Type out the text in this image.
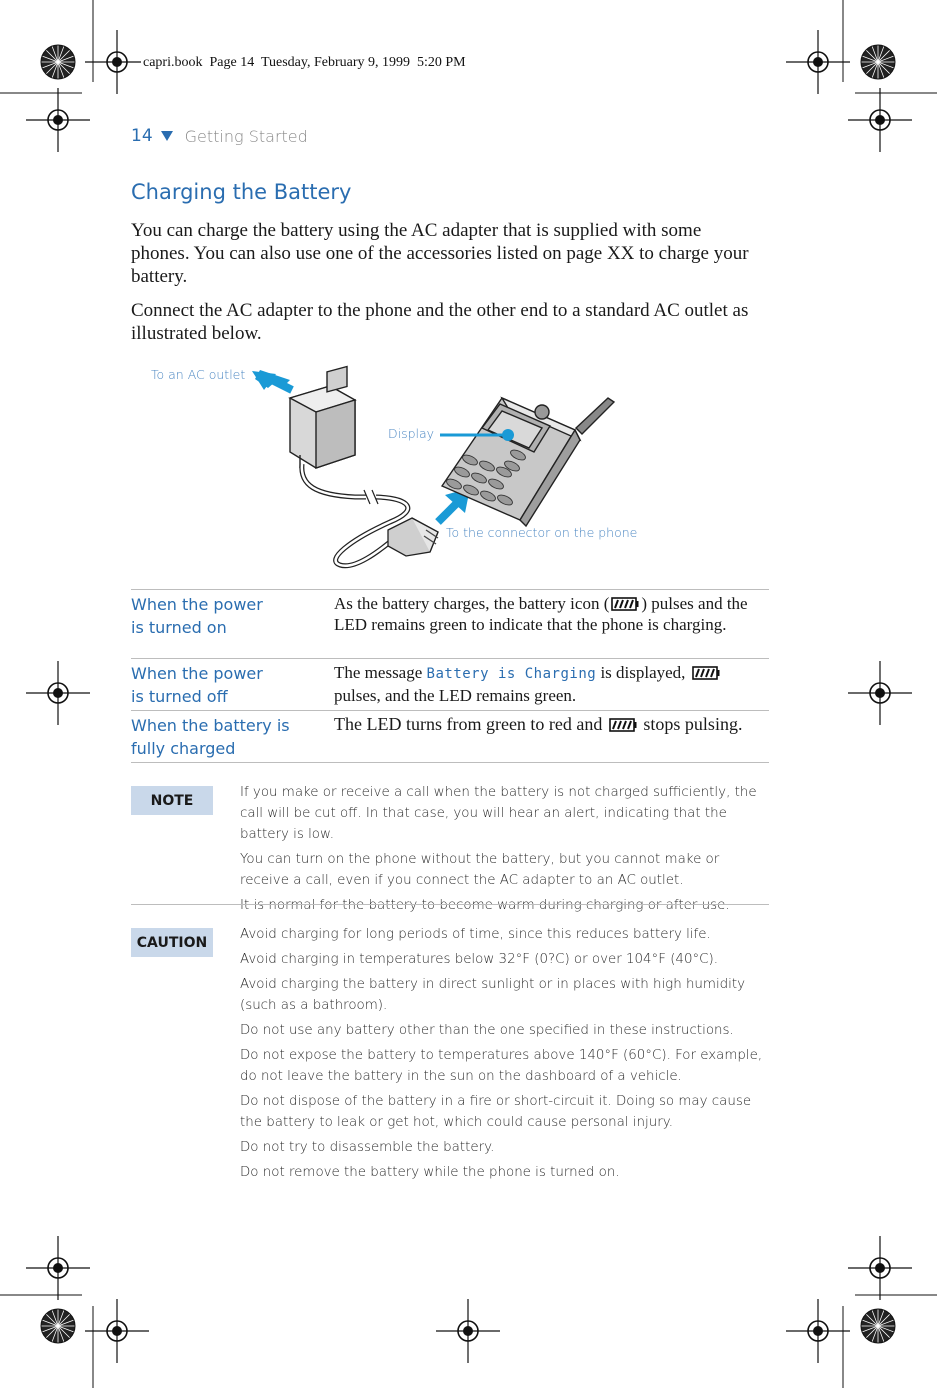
capri.book  Page 14  Tuesday, February 9, 1999  5:20 PM
14 Getting Started
Charging the Battery

You can charge the battery using the AC adapter that is supplied with some phones. You can also use one of the accessories listed on page XX to charge your battery.

Connect the AC adapter to the phone and the other end to a standard AC outlet as illustrated below.

To an AC outlet
Display
To the connector on the phone
When the power
is turned on
As the battery charges, the battery icon ( ) pulses and the LED remains green to indicate that the phone is charging.
When the power
is turned off
The message Battery is Charging is displayed,  pulses, and the LED remains green.
When the battery is
fully charged
The LED turns from green to red and  stops pulsing.
NOTE	If you make or receive a call when the battery is not charged sufficiently, the call will be cut off. In that case, you will hear an alert, indicating that the battery is low.

You can turn on the phone without the battery, but you cannot make or receive a call, even if you connect the AC adapter to an AC outlet.

It is normal for the battery to become warm during charging or after use.

CAUTION	Avoid charging for long periods of time, since this reduces battery life.

Avoid charging in temperatures below 32°F (0?C) or over 104°F (40°C).

Avoid charging the battery in direct sunlight or in places with high humidity (such as a bathroom).

Do not use any battery other than the one specified in these instructions.

Do not expose the battery to temperatures above 140°F (60°C). For example, do not leave the battery in the sun on the dashboard of a vehicle.

Do not dispose of the battery in a fire or short-circuit it. Doing so may cause the battery to leak or get hot, which could cause personal injury.

Do not try to disassemble the battery.

Do not remove the battery while the phone is turned on.
